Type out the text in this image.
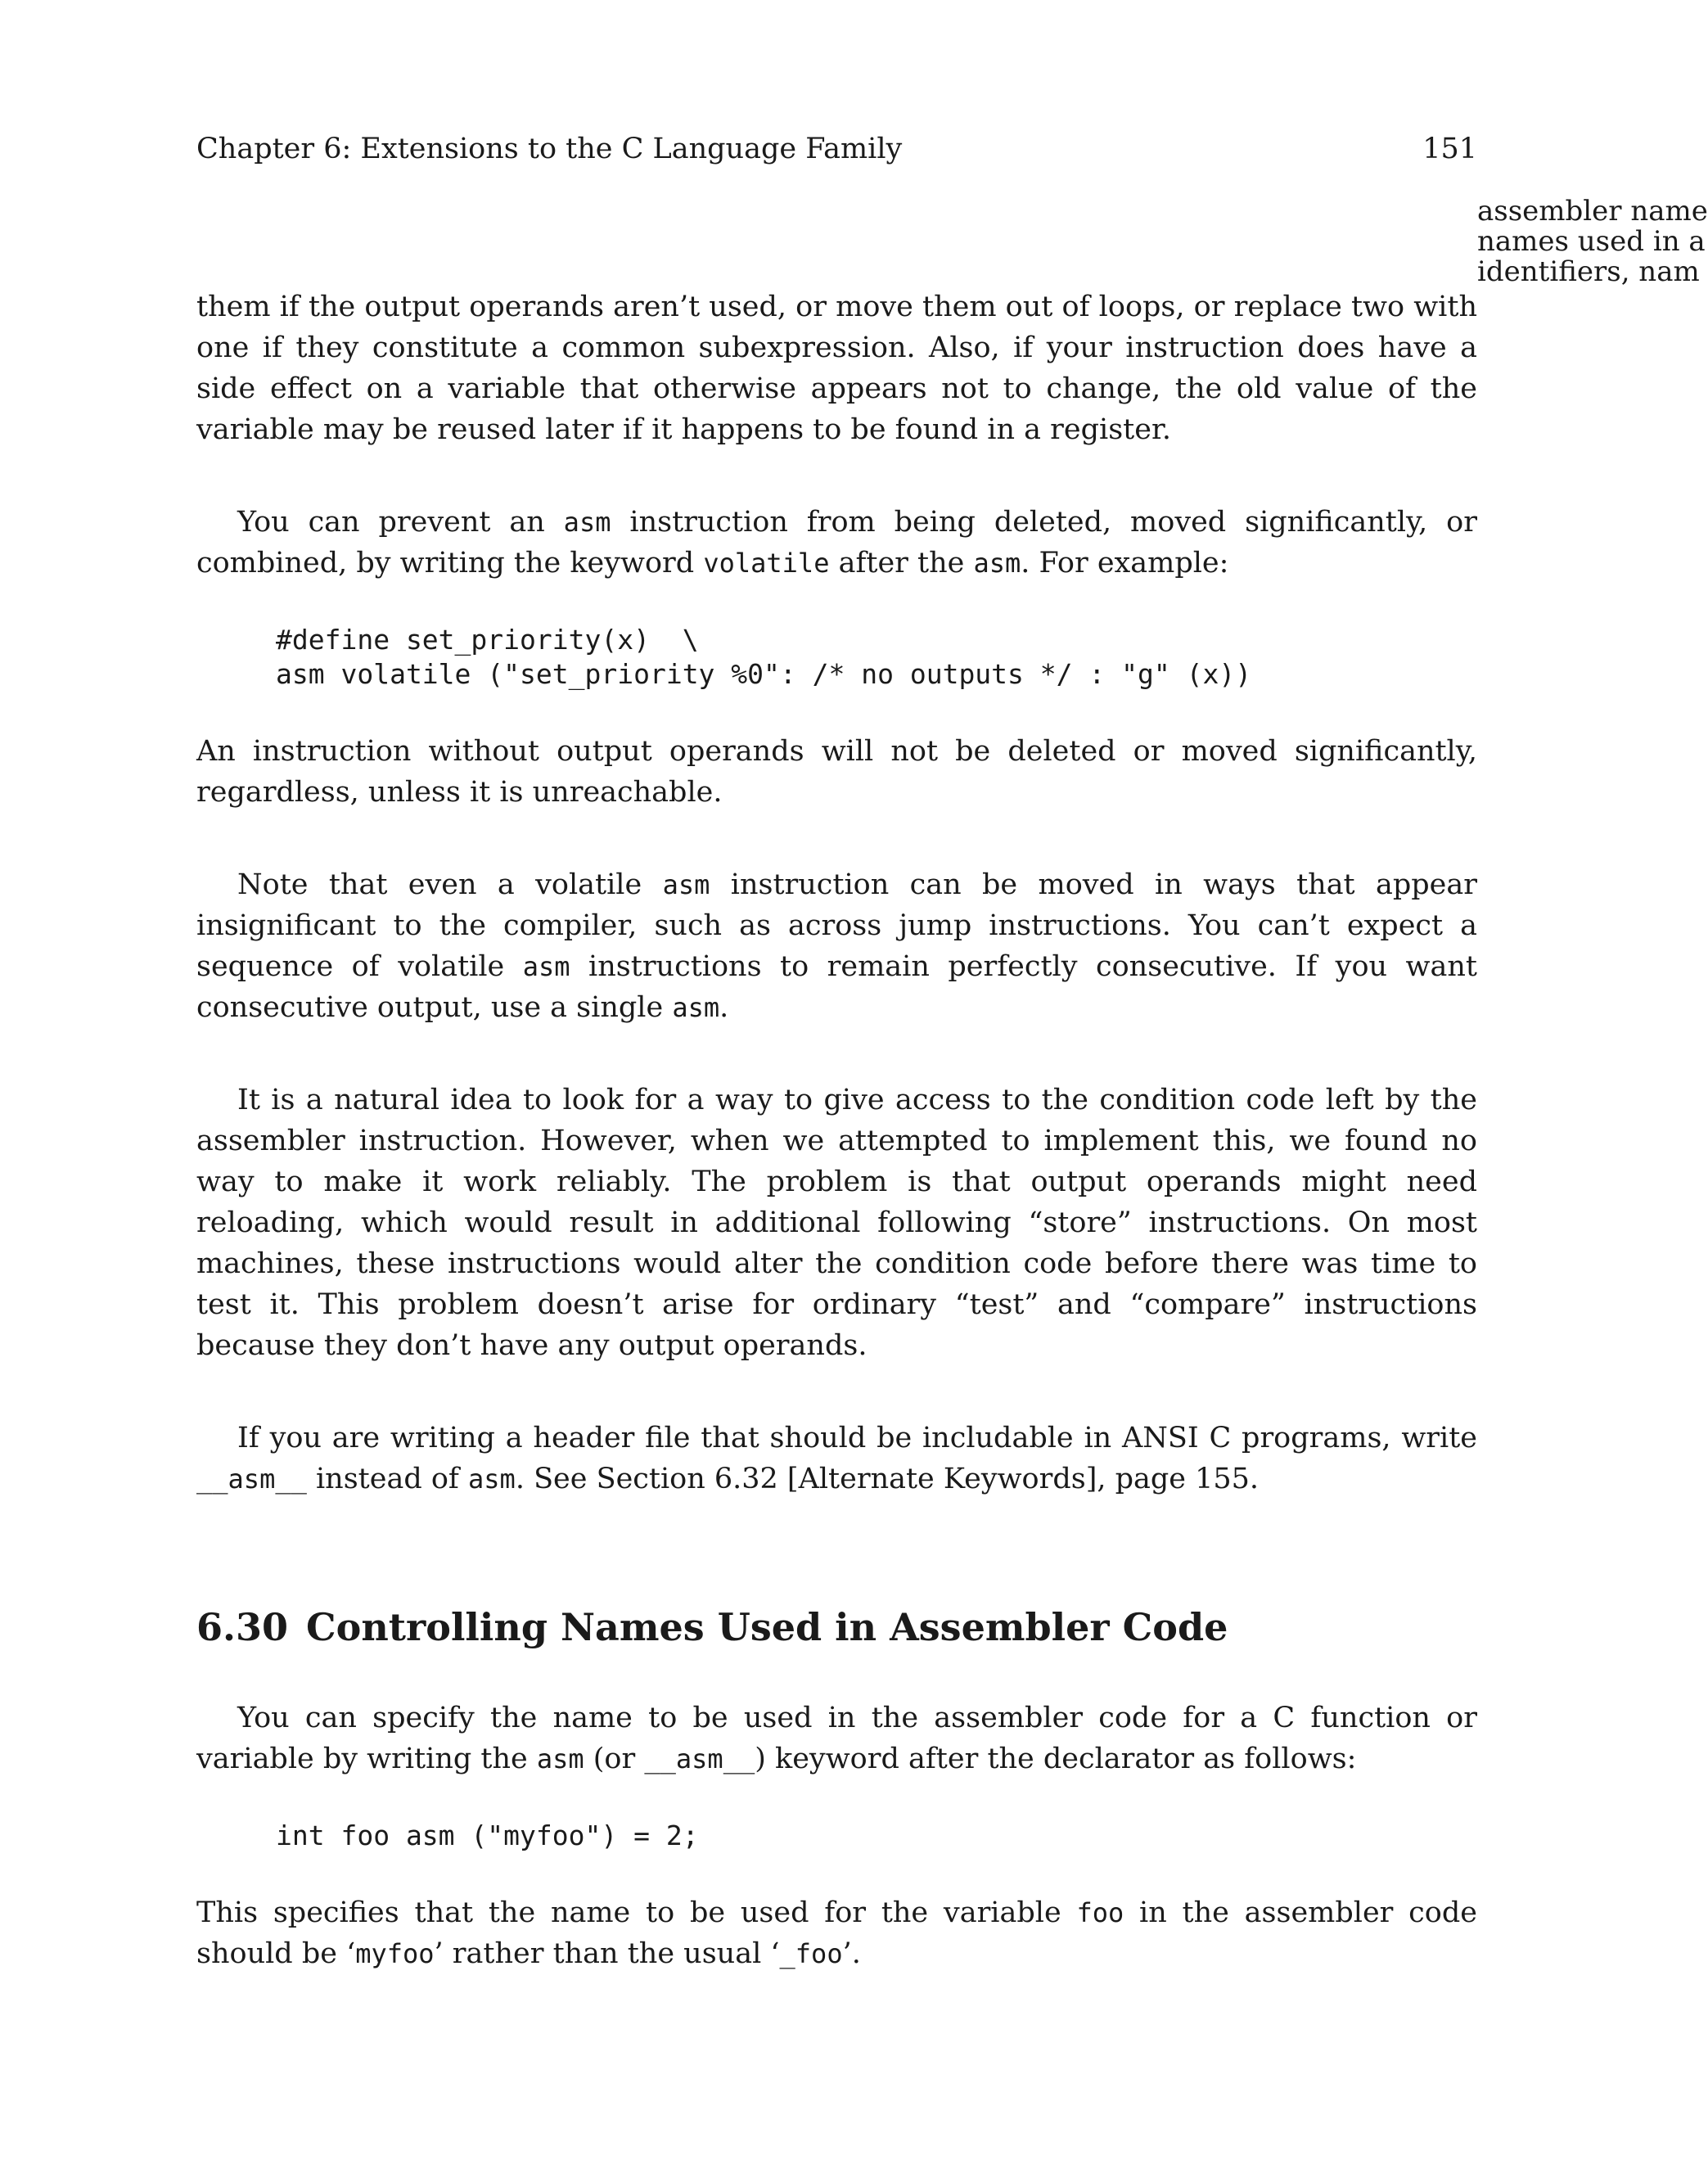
Chapter 6: Extensions to the C Language Family	151
assembler name
names used in a
identifiers, nam

them if the output operands aren’t used, or move them out of loops, or replace two with one if they constitute a common subexpression. Also, if your instruction does have a side effect on a variable that otherwise appears not to change, the old value of the variable may be reused later if it happens to be found in a register.

You can prevent an asm instruction from being deleted, moved significantly, or combined, by writing the keyword volatile after the asm. For example:

#define set_priority(x)  \
asm volatile ("set_priority %0": /* no outputs */ : "g" (x))

An instruction without output operands will not be deleted or moved significantly, regardless, unless it is unreachable.

Note that even a volatile asm instruction can be moved in ways that appear insignificant to the compiler, such as across jump instructions. You can’t expect a sequence of volatile asm instructions to remain perfectly consecutive. If you want consecutive output, use a single asm.

It is a natural idea to look for a way to give access to the condition code left by the assembler instruction. However, when we attempted to implement this, we found no way to make it work reliably. The problem is that output operands might need reloading, which would result in additional following “store” instructions. On most machines, these instructions would alter the condition code before there was time to test it. This problem doesn’t arise for ordinary “test” and “compare” instructions because they don’t have any output operands.

If you are writing a header file that should be includable in ANSI C programs, write __asm__ instead of asm. See Section 6.32 [Alternate Keywords], page 155.

6.30 Controlling Names Used in Assembler Code

You can specify the name to be used in the assembler code for a C function or variable by writing the asm (or __asm__) keyword after the declarator as follows:

int foo asm ("myfoo") = 2;

This specifies that the name to be used for the variable foo in the assembler code should be ‘myfoo’ rather than the usual ‘_foo’.
